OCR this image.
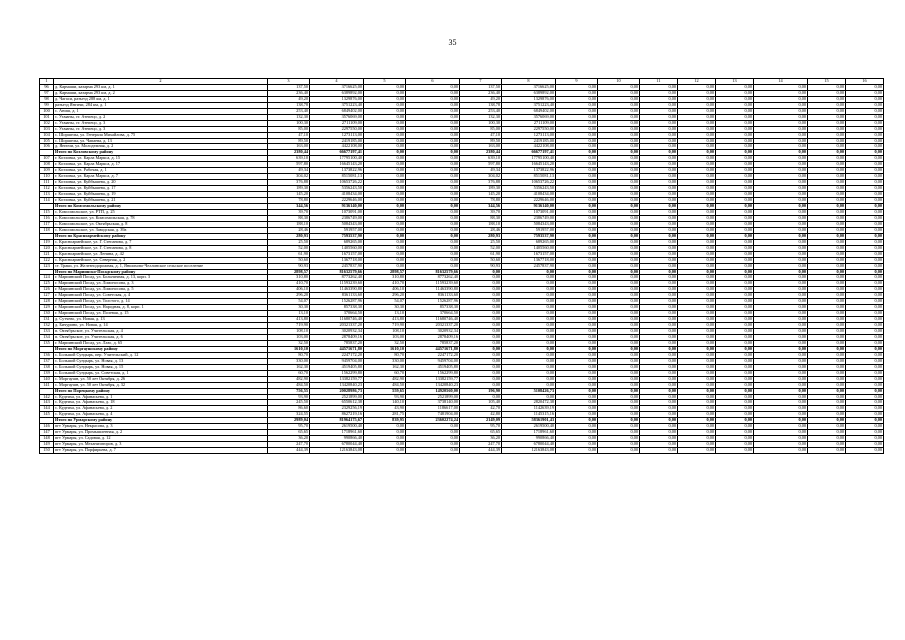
35
1	2	3	4	5	6	7	8	9	10	11	12	13	14	15	16
96	д. Кармаши, казарма 293 км, д. 1	137,50	3716625,00	0,00	0,00	137,50	3716625,00	0,00	0,00	0,00	0,00	0,00	0,00	0,00	0,00
97	д. Кармаши, казарма 293 км, д. 2	236,40	6389892,00	0,00	0,00	236,40	6389892,00	0,00	0,00	0,00	0,00	0,00	0,00	0,00	0,00
98	д. Чагаси, разъезд 288 км, д. 1	49,20	1329876,00	0,00	0,00	49,20	1329876,00	0,00	0,00	0,00	0,00	0,00	0,00	0,00	0,00
99	разъезд Янгичи, 284 км, д. 1	138,78	3751223,40	0,00	0,00	138,78	3751223,40	0,00	0,00	0,00	0,00	0,00	0,00	0,00	0,00
100	с. Аниш, д. 1	253,40	6849402,00	0,00	0,00	253,40	6849402,00	0,00	0,00	0,00	0,00	0,00	0,00	0,00	0,00
101	с. Ухманы, ст. Атепецо, д. 2	132,30	3576069,00	0,00	0,00	132,30	3576069,00	0,00	0,00	0,00	0,00	0,00	0,00	0,00	0,00
102	с. Ухманы, ст. Атепецо, д. 3	100,30	2711109,00	0,00	0,00	100,30	2711109,00	0,00	0,00	0,00	0,00	0,00	0,00	0,00	0,00
103	с. Ухманы, ст. Атепецо, д. 3	85,00	2297550,00	0,00	0,00	85,00	2297550,00	0,00	0,00	0,00	0,00	0,00	0,00	0,00	0,00
104	с. Шоршелы, ул. Генерала Михайлова, д. 75	47,10	1273113,00	0,00	0,00	47,10	1273113,00	0,00	0,00	0,00	0,00	0,00	0,00	0,00	0,00
105	с. Шоршелы, ул. Чапаева, д. 13	89,50	2419185,00	0,00	0,00	89,50	2419185,00	0,00	0,00	0,00	0,00	0,00	0,00	0,00	0,00
106	д. Янгичи, ул. Молодежная, д. 2	163,00	4422108,00	0,00	0,00	163,00	4422108,00	0,00	0,00	0,00	0,00	0,00	0,00	0,00	0,00
	Итого по Козловскому району	2380,44	66677197,41	0,00	0,00	2380,44	66677197,41	0,00	0,00	0,00	0,00	0,00	0,00	0,00	0,00
107	г. Козловка, ул. Карла Маркса, д. 15	639,10	17795100,40	0,00	0,00	639,10	17795100,40	0,00	0,00	0,00	0,00	0,00	0,00	0,00	0,00
108	г. Козловка, ул. Карла Маркса, д. 17	597,80	16645143,20	0,00	0,00	597,80	16645143,20	0,00	0,00	0,00	0,00	0,00	0,00	0,00	0,00
109	г. Козловка, ул. Рабочая, д. 1	49,34	1373822,96	0,00	0,00	49,34	1373822,96	0,00	0,00	0,00	0,00	0,00	0,00	0,00	0,00
110	г. Козловка, ул. Карла Маркса, д. 7	304,02	8515081,13	0,00	0,00	304,02	8515081,13	0,00	0,00	0,00	0,00	0,00	0,00	0,00	0,00
111	г. Козловка, ул. Куйбышева, д. 20	376,88	10653726,22	0,00	0,00	376,88	10653726,22	0,00	0,00	0,00	0,00	0,00	0,00	0,00	0,00
112	г. Козловка, ул. Куйбышева, д. 17	189,30	5356243,50	0,00	0,00	189,30	5356243,50	0,00	0,00	0,00	0,00	0,00	0,00	0,00	0,00
113	г. Козловка, ул. Куйбышева, д. 19	145,20	4108434,00	0,00	0,00	145,20	4108434,00	0,00	0,00	0,00	0,00	0,00	0,00	0,00	0,00
114	г. Козловка, ул. Куйбышева, д. 21	78,80	2229646,00	0,00	0,00	78,80	2229646,00	0,00	0,00	0,00	0,00	0,00	0,00	0,00	0,00
	Итого по Комсомольскому району	344,56	9136140,00	0,00	0,00	344,56	9136140,00	0,00	0,00	0,00	0,00	0,00	0,00	0,00	0,00
115	с. Комсомольское, ул. РТП, д. 25	39,70	1073091,00	0,00	0,00	39,70	1073091,00	0,00	0,00	0,00	0,00	0,00	0,00	0,00	0,00
116	с. Комсомольское, ул. Комсомольская, д. 78	88,30	2386749,00	0,00	0,00	88,30	2386749,00	0,00	0,00	0,00	0,00	0,00	0,00	0,00	0,00
117	с. Комсомольское, ул. Октябрьская, д. 8	188,10	5084343,00	0,00	0,00	188,10	5084343,00	0,00	0,00	0,00	0,00	0,00	0,00	0,00	0,00
118	с. Комсомольское, ул. Заводская, д. 39а	28,46	591957,00	0,00	0,00	28,46	591957,00	0,00	0,00	0,00	0,00	0,00	0,00	0,00	0,00
	Итого по Красноармейскому району	280,93	7593537,90	0,00	0,00	280,93	7593537,90	0,00	0,00	0,00	0,00	0,00	0,00	0,00	0,00
119	с. Красноармейское, ул. Г. Степанова, д. 7	25,50	689265,00	0,00	0,00	25,50	689265,00	0,00	0,00	0,00	0,00	0,00	0,00	0,00	0,00
120	с. Красноармейское, ул. Г. Степанова, д. 8	52,00	1405560,00	0,00	0,00	52,00	1405560,00	0,00	0,00	0,00	0,00	0,00	0,00	0,00	0,00
121	с. Красноармейское, ул. Ленина, д. 42	61,90	1673157,00	0,00	0,00	61,90	1673157,00	0,00	0,00	0,00	0,00	0,00	0,00	0,00	0,00
122	с. Красноармейское, ул. Северная, д. 2	50,60	1367718,00	0,00	0,00	50,60	1367718,00	0,00	0,00	0,00	0,00	0,00	0,00	0,00	0,00
123	ст. Траки, ул. Железнодорожная, д. 1, Яншихово-Челлинское сельское поселение	90,93	2457837,90	0,00	0,00	90,93	2457837,90	0,00	0,00	0,00	0,00	0,00	0,00	0,00	0,00
	Итого по Мариинско-Посадскому району	2898,57	81632579,66	2898,57	81632579,66	0,00	0,00	0,00	0,00	0,00	0,00	0,00	0,00	0,00	0,00
124	г. Мариинский Посад, ул. Больничная, д. 13, корп. 3	310,80	8773262,40	310,80	8773262,40	0,00	0,00	0,00	0,00	0,00	0,00	0,00	0,00	0,00	0,00
125	г. Мариинский Посад, ул. Ломоносова, д. 3	410,70	11593239,60	410,70	11593239,60	0,00	0,00	0,00	0,00	0,00	0,00	0,00	0,00	0,00	0,00
126	г. Мариинский Посад, ул. Ломоносова, д. 5	406,10	11463390,80	406,10	11463390,80	0,00	0,00	0,00	0,00	0,00	0,00	0,00	0,00	0,00	0,00
127	г. Мариинский Посад, ул. Советская, д. 4	296,20	8361133,60	296,20	8361133,60	0,00	0,00	0,00	0,00	0,00	0,00	0,00	0,00	0,00	0,00
128	г. Мариинский Посад, ул. Толстого, д. 14	54,07	1526287,96	54,07	1526287,96	0,00	0,00	0,00	0,00	0,00	0,00	0,00	0,00	0,00	0,00
129	г. Мариинский Посад, ул. Народная, д. 8, корп. 1	30,30	857338,30	30,30	857338,30	0,00	0,00	0,00	0,00	0,00	0,00	0,00	0,00	0,00	0,00
130	г. Мариинский Посад, ул. Полевая, д. 15	13,10	370664,50	13,10	370664,50	0,00	0,00	0,00	0,00	0,00	0,00	0,00	0,00	0,00	0,00
131	д. Сутчево, ул. Новая, д. 13	413,80	11680746,40	413,80	11680746,40	0,00	0,00	0,00	0,00	0,00	0,00	0,00	0,00	0,00	0,00
132	д. Бичурино, ул. Новая, д. 14	719,90	20321337,20	719,90	20321337,20	0,00	0,00	0,00	0,00	0,00	0,00	0,00	0,00	0,00	0,00
133	п. Октябрьское, ул. Учительская, д. 4	108,10	3020932,34	108,10	3020932,34	0,00	0,00	0,00	0,00	0,00	0,00	0,00	0,00	0,00	0,00
134	п. Октябрьское, ул. Учительская, д. 6	103,00	2878409,16	103,00	2878409,16	0,00	0,00	0,00	0,00	0,00	0,00	0,00	0,00	0,00	0,00
135	г. Мариинский Посад, ул. Лазо, д. 65	32,50	785837,20	32,50	785837,20	0,00	0,00	0,00	0,00	0,00	0,00	0,00	0,00	0,00	0,00
	Итого по Моргаушскому району	1610,10	44571671,80	1610,10	44571671,80	0,00	0,00	0,00	0,00	0,00	0,00	0,00	0,00	0,00	0,00
136	с. Большой Сундырь, пер. Учительский, д. 12	80,70	2247172,20	80,70	2247172,20	0,00	0,00	0,00	0,00	0,00	0,00	0,00	0,00	0,00	0,00
137	с. Большой Сундырь, ул. Новая, д. 13	330,00	9459704,00	330,00	9459704,00	0,00	0,00	0,00	0,00	0,00	0,00	0,00	0,00	0,00	0,00
138	с. Большой Сундырь, ул. Новая, д. 15	162,30	4519405,80	162,30	4519405,80	0,00	0,00	0,00	0,00	0,00	0,00	0,00	0,00	0,00	0,00
139	с. Большой Сундырь, ул. Советская, д. 1	60,70	1562299,80	60,70	1562299,80	0,00	0,00	0,00	0,00	0,00	0,00	0,00	0,00	0,00	0,00
140	с. Моргаушн, ул. 50 лет Октября, д. 26	482,90	13382159,77	482,90	13382159,77	0,00	0,00	0,00	0,00	0,00	0,00	0,00	0,00	0,00	0,00
141	с. Моргаушн, ул. 50 лет Октября, д. 32	484,50	13420840,23	484,50	13420840,23	0,00	0,00	0,00	0,00	0,00	0,00	0,00	0,00	0,00	0,00
	Итого по Порецкому району	756,55	20028986,73	559,65	14920560,00	196,90	5108426,73	0,00	0,00	0,00	0,00	0,00	0,00	0,00	0,00
142	с. Кудеиха, ул. Афанасьева, д. 1	93,90	2521899,00	93,90	2521899,00	0,00	0,00	0,00	0,00	0,00	0,00	0,00	0,00	0,00	0,00
143	с. Кудеиха, ул. Афанасьева, д. 18	245,50	6550612,38	140,10	3738140,00	105,40	2820472,38	0,00	0,00	0,00	0,00	0,00	0,00	0,00	0,00
144	с. Кудеиха, ул. Афанасьева, д. 2	86,60	2329256,19	43,90	1186617,00	42,70	1142639,19	0,00	0,00	0,00	0,00	0,00	0,00	0,00	0,00
145	с. Кудеиха, ул. Афанасьева, д. 4	324,55	8627219,16	281,75	7481904,00	42,80	1145315,16	0,00	0,00	0,00	0,00	0,00	0,00	0,00	0,00
	Итого по Урмарскому району	2989,04	81964175,67	839,95	23602274,24	2149,09	58361901,43	0,00	0,00	0,00	0,00	0,00	0,00	0,00	0,00
146	пгт Урмары, ул. Некрасова, д. 3	95,70	2619500,40	0,00	0,00	95,70	2619500,40	0,00	0,00	0,00	0,00	0,00	0,00	0,00	0,00
147	пгт Урмары, ул. Промышленная, д. 2	65,65	1718961,60	0,00	0,00	65,65	1718961,60	0,00	0,00	0,00	0,00	0,00	0,00	0,00	0,00
148	пгт Урмары, ул. Садовая, д. 12	36,20	990866,40	0,00	0,00	36,20	990866,40	0,00	0,00	0,00	0,00	0,00	0,00	0,00	0,00
149	пгт Урмары, ул. Механизаторов, д. 3	247,70	6780044,40	0,00	0,00	247,70	6780044,40	0,00	0,00	0,00	0,00	0,00	0,00	0,00	0,00
150	пгт Урмары, ул. Порфирьева, д. 7	444,39	12163843,08	0,00	0,00	444,39	12163843,08	0,00	0,00	0,00	0,00	0,00	0,00	0,00	0,00
